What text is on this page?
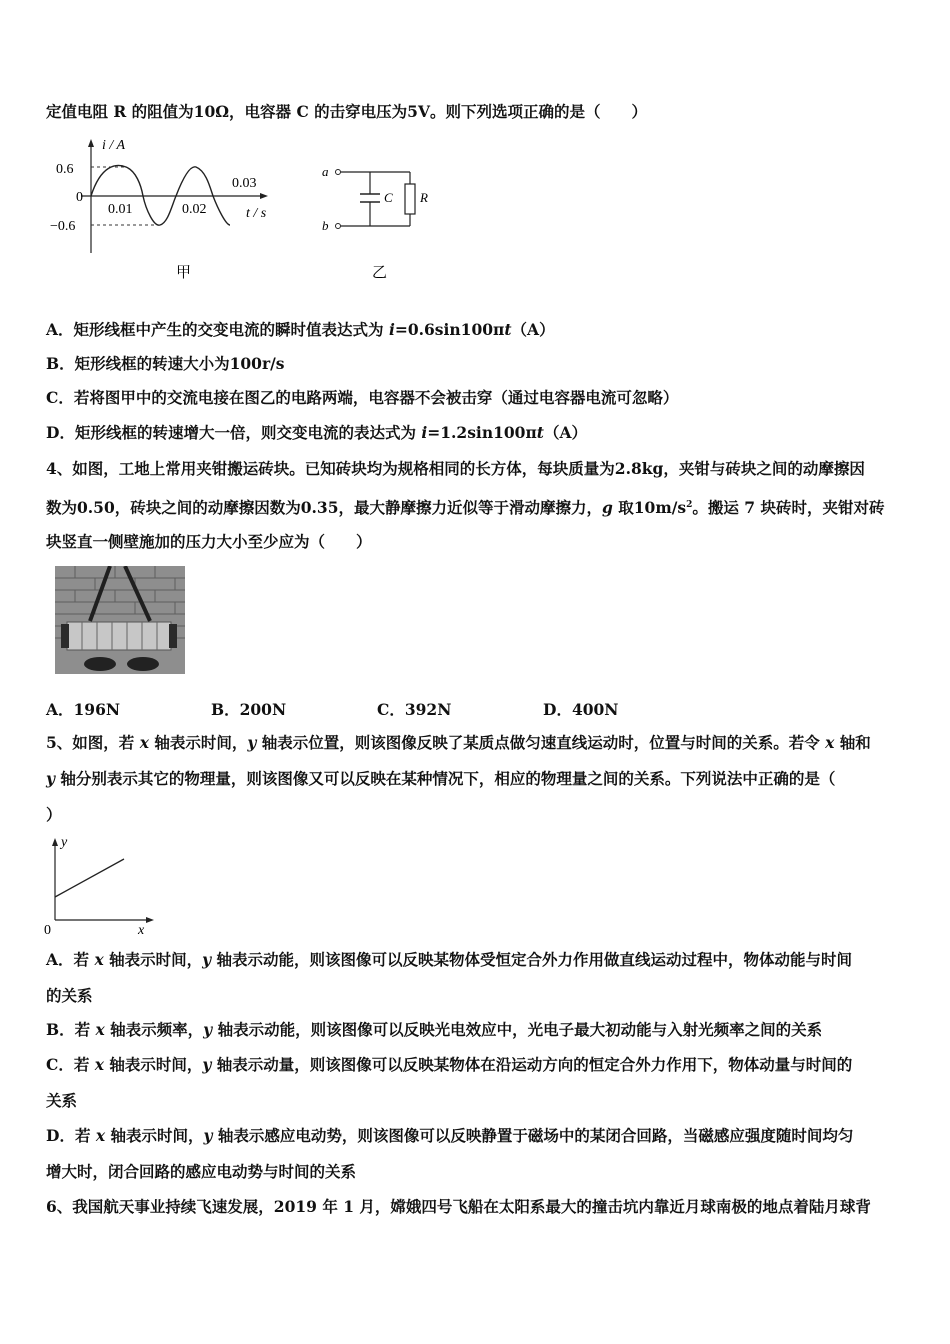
定值电阻 R 的阻值为10Ω，电容器 C 的击穿电压为5V。则下列选项正确的是（　　）
i / A
0.6
0
−0.6
0.01	0.02
0.03
t / s
甲
a
b
C R
乙
A．矩形线框中产生的交变电流的瞬时值表达式为 i=0.6sin100πt（A）
B．矩形线框的转速大小为100r/s
C．若将图甲中的交流电接在图乙的电路两端，电容器不会被击穿（通过电容器电流可忽略）
D．矩形线框的转速增大一倍，则交变电流的表达式为 i=1.2sin100πt（A）
4、如图，工地上常用夹钳搬运砖块。已知砖块均为规格相同的长方体，每块质量为2.8kg，夹钳与砖块之间的动摩擦因
数为0.50，砖块之间的动摩擦因数为0.35，最大静摩擦力近似等于滑动摩擦力，g 取$10m/s^2$。搬运 7 块砖时，夹钳对砖
块竖直一侧壁施加的压力大小至少应为（　　）
A．196N	B．200N	C．392N	D．400N
5、如图，若 x 轴表示时间，y 轴表示位置，则该图像反映了某质点做匀速直线运动时，位置与时间的关系。若令 x 轴和
y 轴分别表示其它的物理量，则该图像又可以反映在某种情况下，相应的物理量之间的关系。下列说法中正确的是（
）
y
x
0
A．若 x 轴表示时间，y 轴表示动能，则该图像可以反映某物体受恒定合外力作用做直线运动过程中，物体动能与时间
的关系
B．若 x 轴表示频率，y 轴表示动能，则该图像可以反映光电效应中，光电子最大初动能与入射光频率之间的关系
C．若 x 轴表示时间，y 轴表示动量，则该图像可以反映某物体在沿运动方向的恒定合外力作用下，物体动量与时间的
关系
D．若 x 轴表示时间，y 轴表示感应电动势，则该图像可以反映静置于磁场中的某闭合回路，当磁感应强度随时间均匀
增大时，闭合回路的感应电动势与时间的关系
6、我国航天事业持续飞速发展，2019 年 1 月，嫦娥四号飞船在太阳系最大的撞击坑内靠近月球南极的地点着陆月球背
